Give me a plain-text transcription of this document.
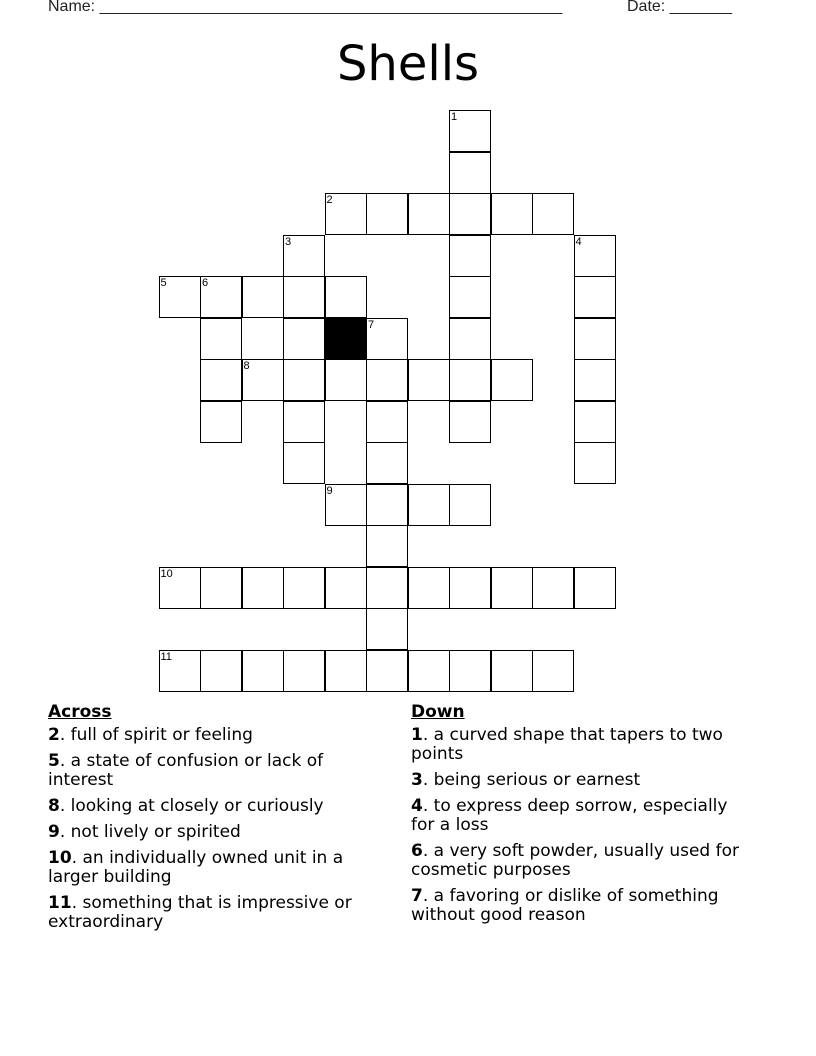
Name: ____________________________________________________	Date: _______
Shells
1
2
3	4
5	6
7
8
9
10
11
Across
2. full of spirit or feeling
5. a state of confusion or lack of interest
8. looking at closely or curiously
9. not lively or spirited
10. an individually owned unit in a larger building
11. something that is impressive or extraordinary
Down
1. a curved shape that tapers to two points
3. being serious or earnest
4. to express deep sorrow, especially for a loss
6. a very soft powder, usually used for cosmetic purposes
7. a favoring or dislike of something without good reason
